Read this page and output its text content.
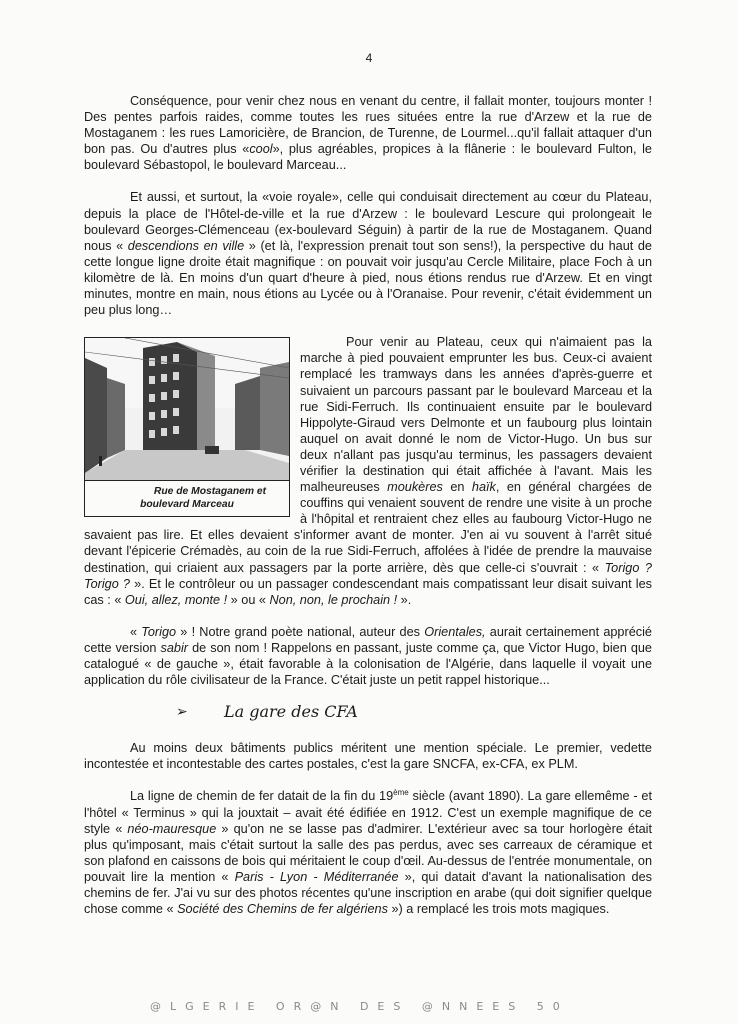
4

Conséquence, pour venir chez nous en venant du centre, il fallait monter, toujours monter ! Des pentes parfois raides, comme toutes les rues situées entre la rue d'Arzew et la rue de Mostaganem : les rues Lamoricière, de Brancion, de Turenne, de Lourmel...qu'il fallait attaquer d'un bon pas. Ou d'autres plus «cool», plus agréables, propices à la flânerie : le boulevard Fulton, le boulevard Sébastopol, le boulevard Marceau...

Et aussi, et surtout, la «voie royale», celle qui conduisait directement au cœur du Plateau, depuis la place de l'Hôtel-de-ville et la rue d'Arzew : le boulevard Lescure qui prolongeait le boulevard Georges-Clémenceau (ex-boulevard Séguin) à partir de la rue de Mostaganem. Quand nous « descendions en ville » (et là, l'expression prenait tout son sens!), la perspective du haut de cette longue ligne droite était magnifique : on pouvait voir jusqu'au Cercle Militaire, place Foch à un kilomètre de là. En moins d'un quart d'heure à pied, nous étions rendus rue d'Arzew. Et en vingt minutes, montre en main, nous étions au Lycée ou à l'Oranaise. Pour revenir, c'était évidemment un peu plus long…

Rue de Mostaganem et boulevard Marceau
Pour venir au Plateau, ceux qui n'aimaient pas la marche à pied pouvaient emprunter les bus. Ceux-ci avaient remplacé les tramways dans les années d'après-guerre et suivaient un parcours passant par le boulevard Marceau et la rue Sidi-Ferruch. Ils continuaient ensuite par le boulevard Hippolyte-Giraud vers Delmonte et un faubourg plus lointain auquel on avait donné le nom de Victor-Hugo. Un bus sur deux n'allant pas jusqu'au terminus, les passagers devaient vérifier la destination qui était affichée à l'avant. Mais les malheureuses moukères en haïk, en général chargées de couffins qui venaient souvent de rendre une visite à un proche à l'hôpital et rentraient chez elles au faubourg Victor-Hugo ne savaient pas lire. Et elles devaient s'informer avant de monter. J'en ai vu souvent à l'arrêt situé devant l'épicerie Crémadès, au coin de la rue Sidi-Ferruch, affolées à l'idée de prendre la mauvaise destination, qui criaient aux passagers par la porte arrière, dès que celle-ci s'ouvrait : « Torigo ? Torigo ? ». Et le contrôleur ou un passager condescendant mais compatissant leur disait suivant les cas : « Oui, allez, monte ! » ou « Non, non, le prochain ! ».

« Torigo » ! Notre grand poète national, auteur des Orientales, aurait certainement apprécié cette version sabir de son nom ! Rappelons en passant, juste comme ça, que Victor Hugo, bien que catalogué « de gauche », était favorable à la colonisation de l'Algérie, dans laquelle il voyait une application du rôle civilisateur de la France. C'était juste un petit rappel historique...

➢	La gare des CFA

Au moins deux bâtiments publics méritent une mention spéciale. Le premier, vedette incontestée et incontestable des cartes postales, c'est la gare SNCFA, ex-CFA, ex PLM.

La ligne de chemin de fer datait de la fin du 19ème siècle (avant 1890). La gare ellemême - et l'hôtel « Terminus » qui la jouxtait – avait été édifiée en 1912. C'est un exemple magnifique de ce style « néo-mauresque » qu'on ne se lasse pas d'admirer. L'extérieur avec sa tour horlogère était plus qu'imposant, mais c'était surtout la salle des pas perdus, avec ses carreaux de céramique et son plafond en caissons de bois qui méritaient le coup d'œil. Au-dessus de l'entrée monumentale, on pouvait lire la mention « Paris - Lyon - Méditerranée », qui datait d'avant la nationalisation des chemins de fer. J'ai vu sur des photos récentes qu'une inscription en arabe (qui doit signifier quelque chose comme « Société des Chemins de fer algériens ») a remplacé les trois mots magiques.

@LGERIE OR@N DES @NNEES 50
